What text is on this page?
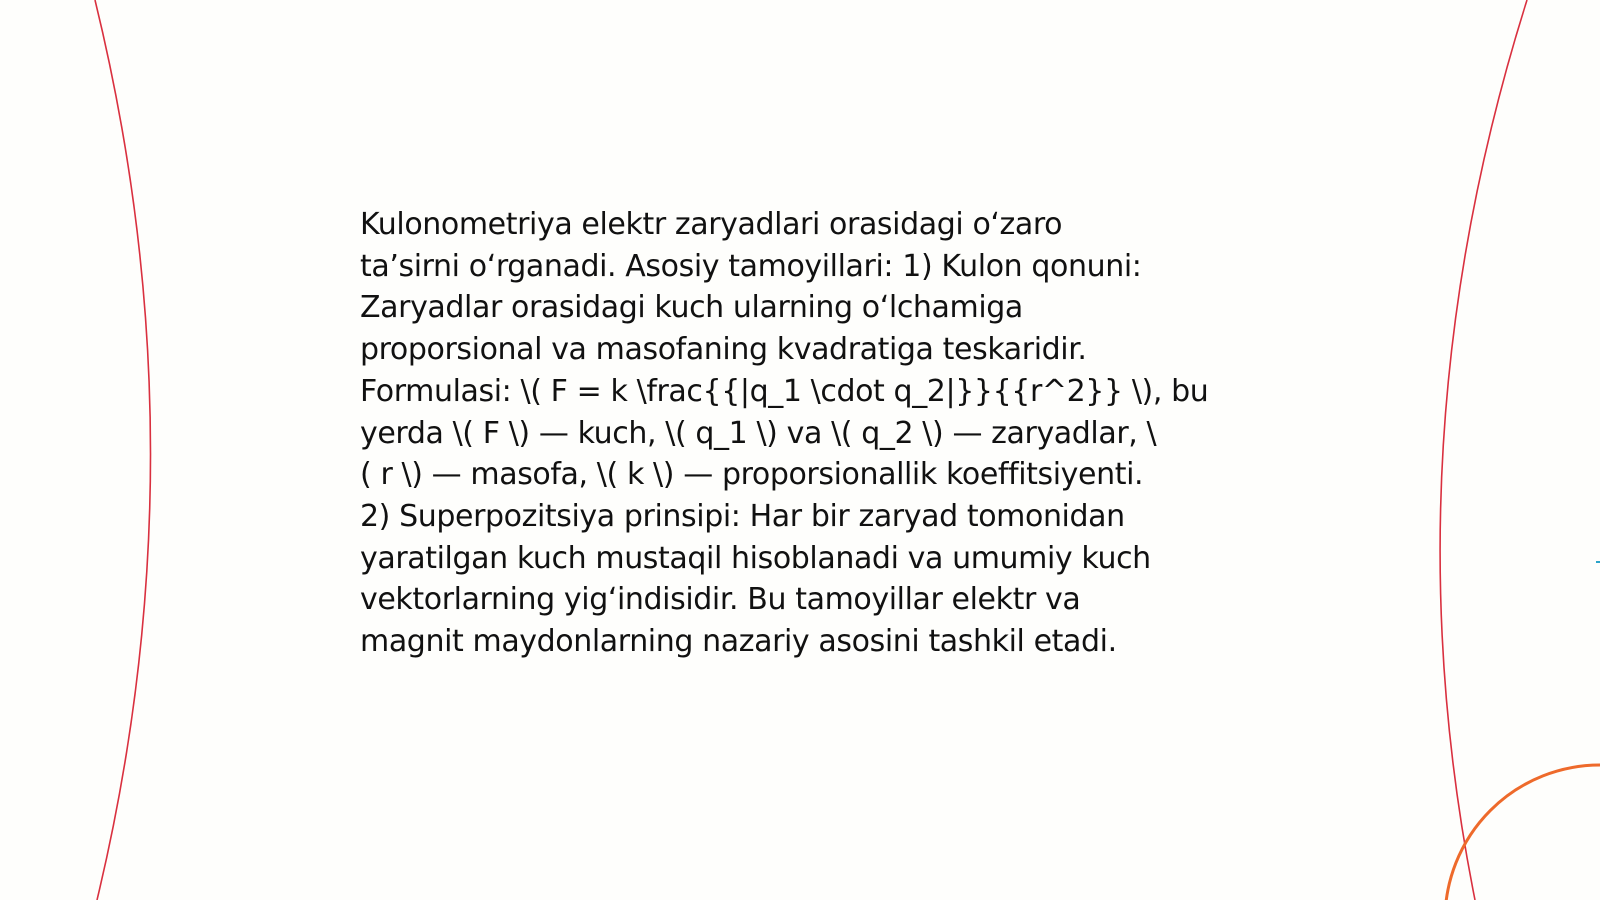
Kulonometriya elektr zaryadlari orasidagi o‘zaro
ta’sirni o‘rganadi. Asosiy tamoyillari: 1) Kulon qonuni:
Zaryadlar orasidagi kuch ularning o‘lchamiga
proporsional va masofaning kvadratiga teskaridir.
Formulasi: \( F = k \frac{{|q_1 \cdot q_2|}}{{r^2}} \), bu
yerda \( F \) — kuch, \( q_1 \) va \( q_2 \) — zaryadlar, \
( r \) — masofa, \( k \) — proporsionallik koeffitsiyenti.
2) Superpozitsiya prinsipi: Har bir zaryad tomonidan
yaratilgan kuch mustaqil hisoblanadi va umumiy kuch
vektorlarning yig‘indisidir. Bu tamoyillar elektr va
magnit maydonlarning nazariy asosini tashkil etadi.
